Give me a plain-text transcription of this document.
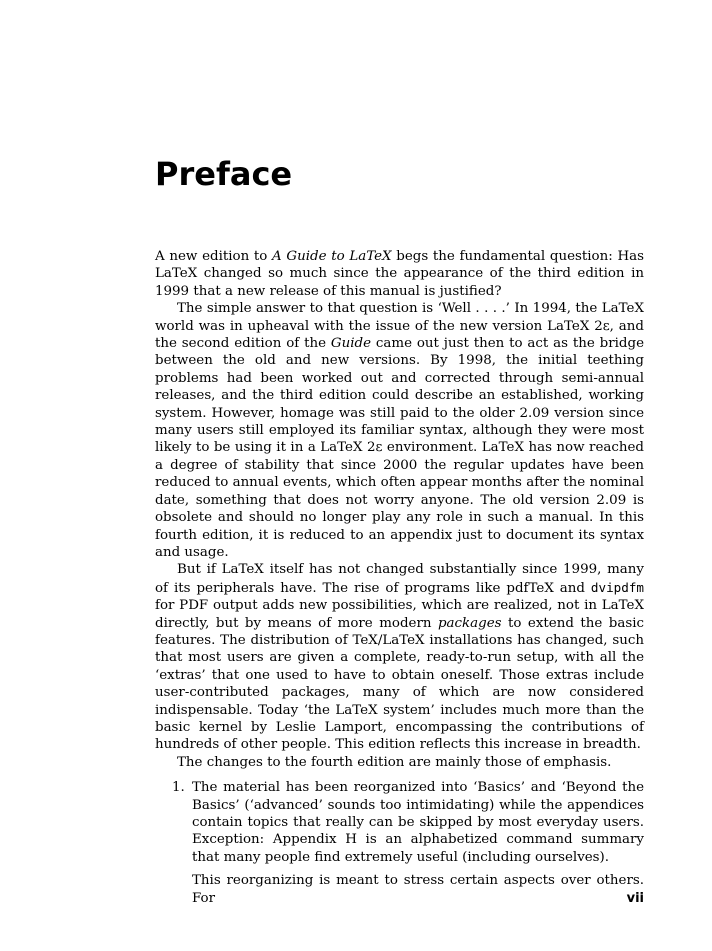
Preface

A new edition to A Guide to LaTeX begs the fundamental question: Has LaTeX changed so much since the appearance of the third edition in 1999 that a new release of this manual is justified?

The simple answer to that question is ‘Well . . . .’ In 1994, the LaTeX world was in upheaval with the issue of the new version LaTeX 2ε, and the second edition of the Guide came out just then to act as the bridge between the old and new versions. By 1998, the initial teething problems had been worked out and corrected through semi-annual releases, and the third edition could describe an established, working system. However, homage was still paid to the older 2.09 version since many users still employed its familiar syntax, although they were most likely to be using it in a LaTeX 2ε environment. LaTeX has now reached a degree of stability that since 2000 the regular updates have been reduced to annual events, which often appear months after the nominal date, something that does not worry anyone. The old version 2.09 is obsolete and should no longer play any role in such a manual. In this fourth edition, it is reduced to an appendix just to document its syntax and usage.

But if LaTeX itself has not changed substantially since 1999, many of its peripherals have. The rise of programs like pdfTeX and dvipdfm for PDF output adds new possibilities, which are realized, not in LaTeX directly, but by means of more modern packages to extend the basic features. The distribution of TeX/LaTeX installations has changed, such that most users are given a complete, ready-to-run setup, with all the ‘extras’ that one used to have to obtain oneself. Those extras include user-contributed packages, many of which are now considered indispensable. Today ‘the LaTeX system’ includes much more than the basic kernel by Leslie Lamport, encompassing the contributions of hundreds of other people. This edition reflects this increase in breadth.

The changes to the fourth edition are mainly those of emphasis.

1. The material has been reorganized into ‘Basics’ and ‘Beyond the Basics’ (‘advanced’ sounds too intimidating) while the appendices contain topics that really can be skipped by most everyday users. Exception: Appendix H is an alphabetized command summary that many people find extremely useful (including ourselves).

This reorganizing is meant to stress certain aspects over others. For	vii
